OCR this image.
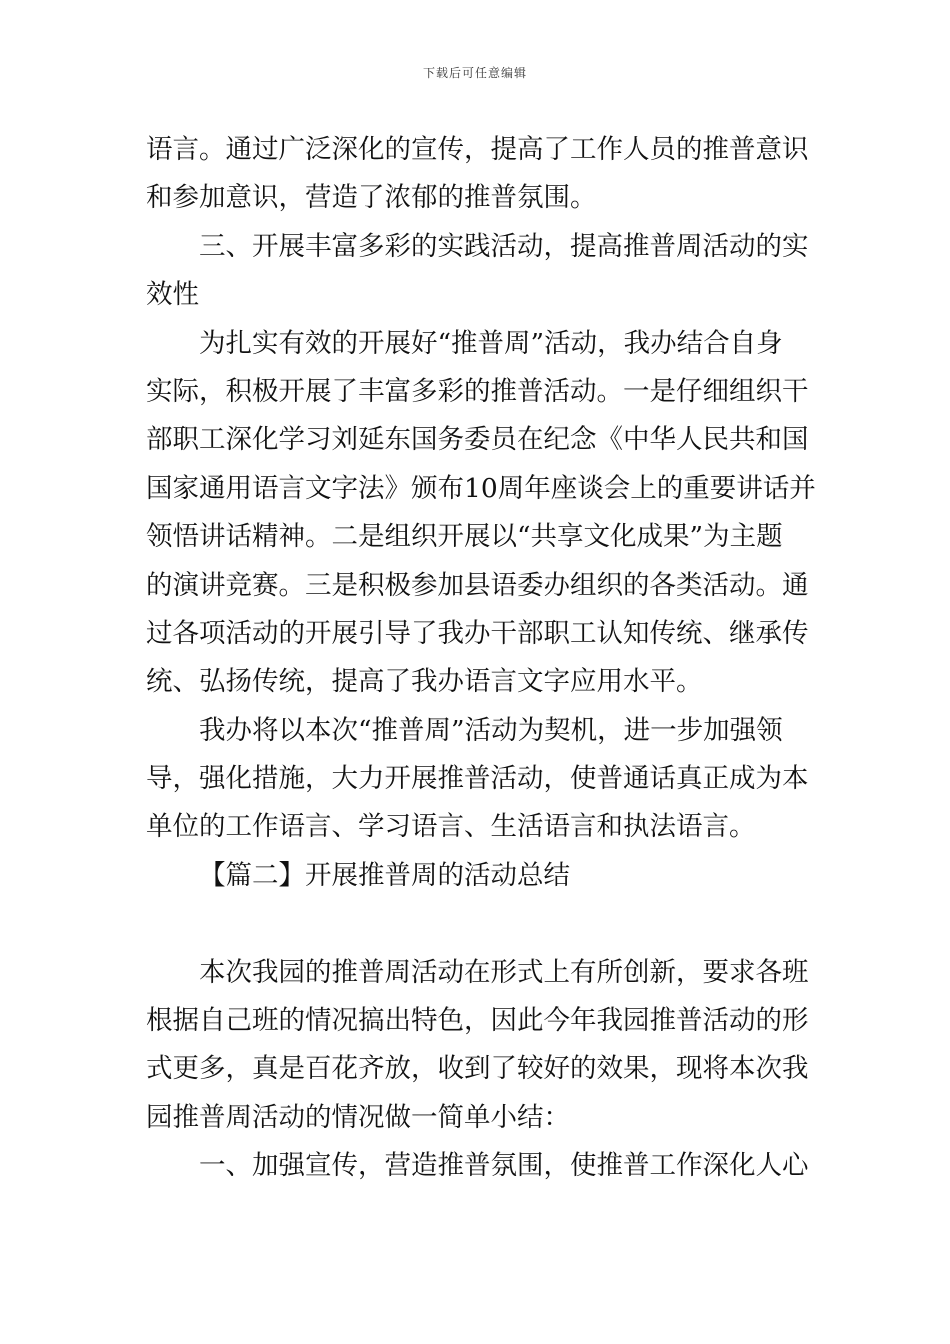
下载后可任意编辑
语言。通过广泛深化的宣传，提高了工作人员的推普意识
和参加意识，营造了浓郁的推普氛围。
三、开展丰富多彩的实践活动，提高推普周活动的实
效性
为扎实有效的开展好“推普周”活动，我办结合自身
实际，积极开展了丰富多彩的推普活动。一是仔细组织干
部职工深化学习刘延东国务委员在纪念《中华人民共和国
国家通用语言文字法》颁布10周年座谈会上的重要讲话并
领悟讲话精神。二是组织开展以“共享文化成果”为主题
的演讲竞赛。三是积极参加县语委办组织的各类活动。通
过各项活动的开展引导了我办干部职工认知传统、继承传
统、弘扬传统，提高了我办语言文字应用水平。
我办将以本次“推普周”活动为契机，进一步加强领
导，强化措施，大力开展推普活动，使普通话真正成为本
单位的工作语言、学习语言、生活语言和执法语言。
【篇二】开展推普周的活动总结
本次我园的推普周活动在形式上有所创新，要求各班
根据自己班的情况搞出特色，因此今年我园推普活动的形
式更多，真是百花齐放，收到了较好的效果，现将本次我
园推普周活动的情况做一简单小结：
一、加强宣传，营造推普氛围，使推普工作深化人心
